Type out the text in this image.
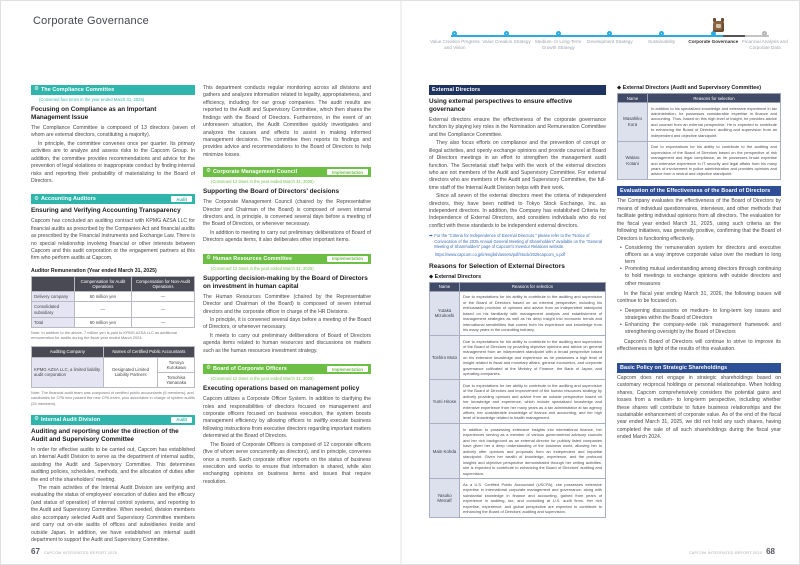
Corporate Governance
Value Creation Progress and Vision
Value Creation Strategy Medium- to Long-Term Growth Strategy
Development Strategy	Sustainability	Corporate Governance Financial Analysis and Corporate Data
⚙ The Compliance Committee
(Convened four times in the year ended March 31, 2025)
Focusing on Compliance as an Important Management Issue

The Compliance Committee is composed of 13 directors (seven of whom are external directors, constituting a majority).

In principle, the committee convenes once per quarter. Its primary activities are to analyze and assess risks to the Capcom Group. In addition, the committee provides recommendations and advice for the prevention of legal violations or inappropriate conduct by finding internal risks and reporting their probability of materializing to the Board of Directors.

⚙ Accounting Auditors	Audit
Ensuring and Verifying Accounting Transparency

Capcom has concluded an auditing contract with KPMG AZSA LLC for financial audits as prescribed by the Companies Act and financial audits as prescribed by the Financial Instruments and Exchange Law. There is no special relationship involving financial or other interests between Capcom and this audit corporation or the engagement partners at this firm who perform audits at Capcom.

Auditor Remuneration (Year ended March 31, 2025)
	Compensation for Audit Operations	Compensation for Non-Audit Operations
Delivery company	60 million yen	—
Consolidated subsidiary	—	—
Total	60 million yen	—
Note: In addition to the above, 7 million yen is paid to KPMG AZSA LLC as additional remuneration for audits during the fiscal year ended March 2024.
Auditing Company	Names of Certified Public Accountants	
KPMG AZSA LLC, a limited liability audit corporation	Designated Limited Liability Partners	Tomoya Kurokawa
		Tomohisa Yamanaka
Note: The financial audit team was composed of certified public accountants (6 members), and candidates for CPA who passed the new CPA exam, plus associates in charge of system audits (26 members).
⚙ Internal Audit Division	Audit
Auditing and reporting under the direction of the Audit and Supervisory Committee

In order for effective audits to be carried out, Capcom has established an Internal Audit Division to serve as the department of internal audits, assisting the Audit and Supervisory Committee. This determines auditing policies, schedules, methods, and the allocation of duties after the end of the shareholders' meeting.

The main activities of the Internal Audit Division are verifying and evaluating the status of employees' execution of duties and the efficacy (and status of operation) of internal control systems, and reporting to the Audit and Supervisory Committee. When needed, division members also accompany selected Audit and Supervisory Committee members and carry out on-site audits of offices and subsidiaries inside and outside Japan. In addition, we have established an internal audit department to support the Audit and Supervisory Committee.

This department conducts regular monitoring across all divisions and gathers and analyzes information related to legality, appropriateness, and efficiency, including for our group companies. The audit results are reported to the Audit and Supervisory Committee, which then shares the findings with the Board of Directors. Furthermore, in the event of an unforeseen situation, the Audit Committee quickly investigates and analyzes the causes and effects to assist in making informed management decisions. The committee then reports its findings and provides advice and recommendations to the Board of Directors to help minimize losses.

⚙ Corporate Management Council	Implementation
(Convened 12 times in the year ended March 31, 2025)
Supporting the Board of Directors' decisions

The Corporate Management Council (chaired by the Representative Director and Chairman of the Board) is composed of seven internal directors and, in principle, is convened several days before a meeting of the Board of Directors, or whenever necessary.

In addition to meeting to carry out preliminary deliberations of Board of Directors agenda items, it also deliberates other important items.

⚙ Human Resources Committee	Implementation
(Convened 12 times in the year ended March 31, 2025)
Supporting decision-making by the Board of Directors on investment in human capital

The Human Resources Committee (chaired by the Representative Director and Chairman of the Board) is composed of seven internal directors and the corporate officer in charge of the HR Divisions.

In principle, it is convened several days before a meeting of the Board of Directors, or whenever necessary.

It meets to carry out preliminary deliberations of Board of Directors agenda items related to human resources and discussions on matters such as the human resources investment strategy.

⚙ Board of Corporate Officers	Implementation
(Convened 12 times in the year ended March 31, 2025)
Executing operations based on management policy

Capcom utilizes a Corporate Officer System. In addition to clarifying the roles and responsibilities of directors focused on management and corporate officers focused on business execution, the system boosts management efficiency by allowing officers to swiftly execute business following instructions from executive directors regarding important matters determined at the Board of Directors.

The Board of Corporate Officers is composed of 12 corporate officers (five of whom serve concurrently as directors), and in principle, convenes once a month. Each corporate officer reports on the status of business execution and works to ensure that information is shared, while also exchanging opinions on business items and issues that require resolution.

External Directors
Using external perspectives to ensure effective governance

External directors ensure the effectiveness of the corporate governance function by playing key roles in the Nomination and Remuneration Committee and the Compliance Committee.

They also focus efforts on compliance and the prevention of corrupt or illegal activities, and openly exchange opinions and provide counsel at Board of Directors meetings in an effort to strengthen the management audit function. The Secretariat staff helps with the work of the external directors who are not members of the Audit and Supervisory Committee. For external directors who are members of the Audit and Supervisory Committee, the full-time staff of the Internal Audit Division helps with their work.

Since all seven of the external directors meet the criteria of independent directors, they have been notified to Tokyo Stock Exchange, Inc. as independent directors. In addition, the Company has established Criteria for Independence of External Directors, and considers individuals who do not conflict with these standards to be independent external directors.

➡ For the “Criteria for Independence of External Directors,” please refer to the “Notice of Convocation of the 2025 Annual General Meeting of Shareholders” available on the “General Meeting of Shareholders” page of Capcom's Investor Relations website.
https://www.capcom.co.jp/ir/english/assets/pdf/stock/2025capcom_s.pdf
Reasons for Selection of External Directors
◆ External Directors
Name	Reasons for selection
Yutaka Mizukoshi	Due to expectations for his ability to contribute to the auditing and supervision of the Board of Directors based on an external perspective, including his enthusiastic provision of opinions and advice from an independent standpoint based on his familiarity with management analysis and establishment of management strategies as well as his deep insight into economic trends and international sensibilities that comes from his experience and knowledge from his many years in the consulting industry.
Toshiro Muto	Due to expectations for his ability to contribute to the auditing and supervision of the Board of Directors by providing objective opinions and advice on general management from an independent standpoint with a broad perspective based on his extensive knowledge and experience as he possesses a high level of insight related to fiscal and monetary affairs, general economics, and corporate governance cultivated at the Ministry of Finance, the Bank of Japan, and operating companies.
Yumi Hirose	Due to expectations for her ability to contribute to the auditing and supervision of the Board of Directors and improvement of the human resources strategy by actively providing opinions and advice from an outside perspective based on her knowledge and experience, which include specialized knowledge and extensive experience from her many years as a tax administrator at tax agency offices, her considerable knowledge of finance and accounting, and her high level of knowledge related to health management.
Main Kohda	In addition to possessing extensive insights into international finance, her experiences serving as a member of various governmental advisory councils and her rich background as an external director for publicly listed companies have given her a deep understanding of the business world, allowing her to actively offer opinions and proposals from an independent and impartial standpoint. Given her wealth of knowledge, experience, and the profound insights and objective perspective demonstrated through her writing activities, she is expected to contribute to enhancing the Board of Directors' auditing and supervision.
Yasuko Metcalf	As a U.S. Certified Public Accountant (USCPA), she possesses extensive expertise in international corporate management and governance, along with substantial knowledge in finance and accounting, gained from years of experience in auditing, tax, and consulting at U.S. audit firms. Her rich expertise, experience, and global perspective are expected to contribute to enhancing the Board of Directors' auditing and supervision.
◆ External Directors (Audit and Supervisory Committee)
Name	Reasons for selection
Masahiko Kora	In addition to his specialized knowledge and extensive experience in tax administration, he possesses considerable expertise in finance and accounting. Thus, based on this high level of insight, he provides advice and counsel from an external perspective. He is expected to contribute to enhancing the Board of Directors' auditing and supervision from an independent and objective standpoint.
Wataru Kotani	Due to expectations for his ability to contribute to the auditing and supervision of the Board of Directors based on the perspective of risk management and legal compliance, as he possesses broad expertise and extensive experience in IT security and legal affairs from his many years of involvement in police administration and provides opinions and advice from a neutral and objective standpoint.
Evaluation of the Effectiveness of the Board of Directors

The Company evaluates the effectiveness of the Board of Directors by means of individual questionnaires, interviews, and other methods that facilitate getting individual opinions from all directors. The evaluation for the fiscal year ended March 31, 2025, using such criteria as the following initiatives, was generally positive, confirming that the Board of Directors is functioning effectively.

• Considering the remuneration system for directors and executive officers as a way improve corporate value over the medium to long term
• Promoting mutual understanding among directors through continuing to hold meetings to exchange opinions with outside directors and other measures

In the fiscal year ending March 31, 2026, the following issues will continue to be focused on.

• Deepening discussions on medium- to long-term key issues and strategies within the Board of Directors
• Enhancing the company-wide risk management framework and strengthening oversight by the Board of Directors

Capcom's Board of Directors will continue to strive to improve its effectiveness in light of the results of this evaluation.

Basic Policy on Strategic Shareholdings

Capcom does not engage in strategic shareholdings based on customary reciprocal holdings or personal relationships. When holding shares, Capcom comprehensively considers the potential gains and losses from a medium- to long-term perspective, including whether these shares will contribute to future business relationships and the sustainable enhancement of corporate value. As of the end of the fiscal year ended March 31, 2025, we did not hold any such shares, having completed the sale of all such shareholdings during the fiscal year ended March 2024.

67 CAPCOM INTEGRATED REPORT 2025	CAPCOM INTEGRATED REPORT 2025 68
